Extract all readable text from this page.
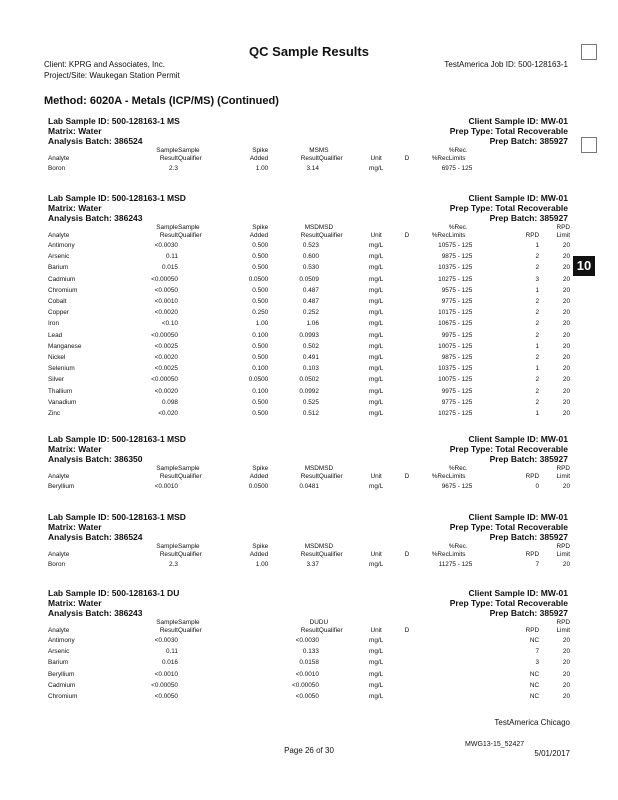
QC Sample Results
Client: KPRG and Associates, Inc.
Project/Site: Waukegan Station Permit
TestAmerica Job ID: 500-128163-1
Method: 6020A - Metals (ICP/MS) (Continued)
10
Lab Sample ID: 500-128163-1 MS
Matrix: Water
Analysis Batch: 386524
Client Sample ID: MW-01
Prep Type: Total Recoverable
Prep Batch: 385927
	Sample	Sample	Spike	MS	MS				%Rec.		
Analyte	Result	Qualifier	Added	Result	Qualifier	Unit	D	%Rec	Limits		
Boron	2.3		1.00	3.14		mg/L		69	75 - 125		
Lab Sample ID: 500-128163-1 MSD
Matrix: Water
Analysis Batch: 386243
Client Sample ID: MW-01
Prep Type: Total Recoverable
Prep Batch: 385927
	Sample	Sample	Spike	MSD	MSD				%Rec.		RPD
Analyte	Result	Qualifier	Added	Result	Qualifier	Unit	D	%Rec	Limits	RPD	Limit
Antimony	<0.0030		0.500	0.523		mg/L		105	75 - 125	1	20
Arsenic	0.11		0.500	0.600		mg/L		98	75 - 125	2	20
Barium	0.015		0.500	0.530		mg/L		103	75 - 125	2	20
Cadmium	<0.00050		0.0500	0.0509		mg/L		102	75 - 125	3	20
Chromium	<0.0050		0.500	0.487		mg/L		95	75 - 125	1	20
Cobalt	<0.0010		0.500	0.487		mg/L		97	75 - 125	2	20
Copper	<0.0020		0.250	0.252		mg/L		101	75 - 125	2	20
Iron	<0.10		1.00	1.06		mg/L		106	75 - 125	2	20
Lead	<0.00050		0.100	0.0993		mg/L		99	75 - 125	2	20
Manganese	<0.0025		0.500	0.502		mg/L		100	75 - 125	1	20
Nickel	<0.0020		0.500	0.491		mg/L		98	75 - 125	2	20
Selenium	<0.0025		0.100	0.103		mg/L		103	75 - 125	1	20
Silver	<0.00050		0.0500	0.0502		mg/L		100	75 - 125	2	20
Thallium	<0.0020		0.100	0.0992		mg/L		99	75 - 125	2	20
Vanadium	0.098		0.500	0.525		mg/L		97	75 - 125	2	20
Zinc	<0.020		0.500	0.512		mg/L		102	75 - 125	1	20
Lab Sample ID: 500-128163-1 MSD
Matrix: Water
Analysis Batch: 386350
Client Sample ID: MW-01
Prep Type: Total Recoverable
Prep Batch: 385927
	Sample	Sample	Spike	MSD	MSD				%Rec.		RPD
Analyte	Result	Qualifier	Added	Result	Qualifier	Unit	D	%Rec	Limits	RPD	Limit
Beryllium	<0.0010		0.0500	0.0481		mg/L		96	75 - 125	0	20
Lab Sample ID: 500-128163-1 MSD
Matrix: Water
Analysis Batch: 386524
Client Sample ID: MW-01
Prep Type: Total Recoverable
Prep Batch: 385927
	Sample	Sample	Spike	MSD	MSD				%Rec.		RPD
Analyte	Result	Qualifier	Added	Result	Qualifier	Unit	D	%Rec	Limits	RPD	Limit
Boron	2.3		1.00	3.37		mg/L		112	75 - 125	7	20
Lab Sample ID: 500-128163-1 DU
Matrix: Water
Analysis Batch: 386243
Client Sample ID: MW-01
Prep Type: Total Recoverable
Prep Batch: 385927
	Sample	Sample		DU	DU						RPD
Analyte	Result	Qualifier		Result	Qualifier	Unit	D			RPD	Limit
Antimony	<0.0030			<0.0030		mg/L				NC	20
Arsenic	0.11			0.133		mg/L				7	20
Barium	0.016			0.0158		mg/L				3	20
Beryllium	<0.0010			<0.0010		mg/L				NC	20
Cadmium	<0.00050			<0.00050		mg/L				NC	20
Chromium	<0.0050			<0.0050		mg/L				NC	20
TestAmerica Chicago
Page 26 of 30
MWG13-15_52427
5/01/2017
